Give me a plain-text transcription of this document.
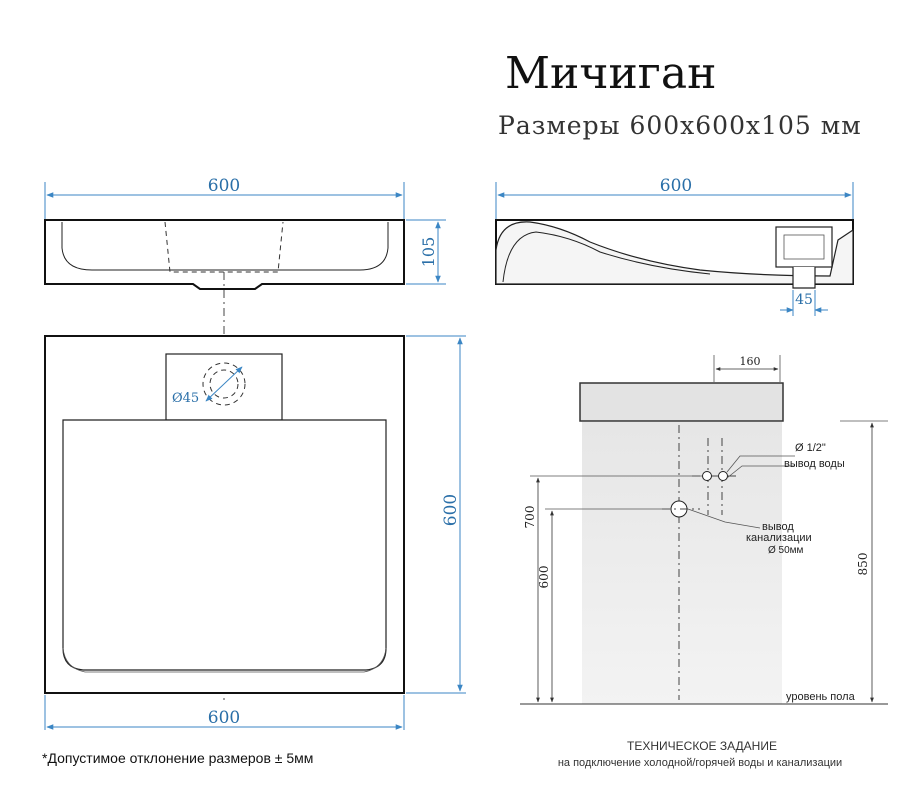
Мичиган
Размеры 600х600х105 мм
600
105
600
45
Ø45
600
600
160
700
600
850
Ø 1/2"
вывод воды
вывод
канализации
Ø 50мм
уровень пола
*Допустимое отклонение размеров ± 5мм
ТЕХНИЧЕСКОЕ ЗАДАНИЕ
на подключение холодной/горячей воды и канализации
